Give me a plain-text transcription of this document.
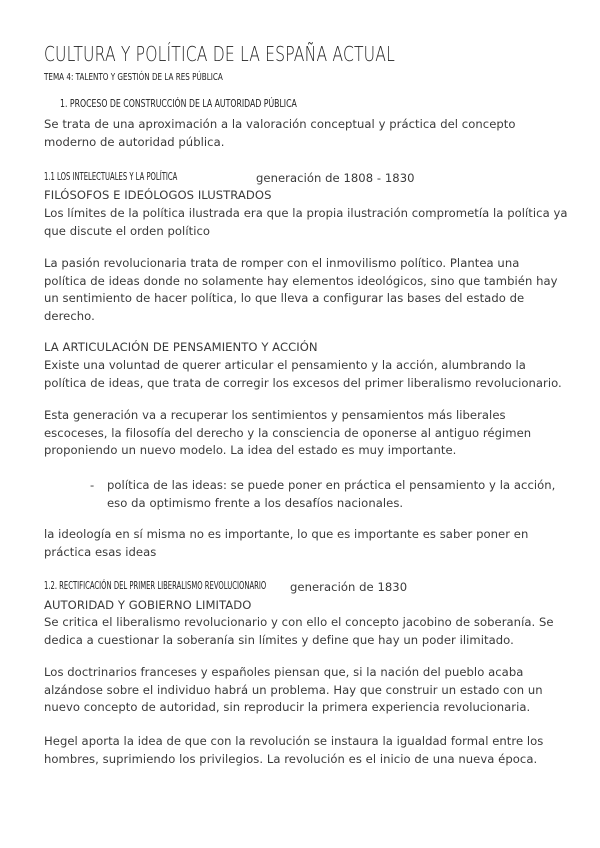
CULTURA Y POLÍTICA DE LA ESPAÑA ACTUAL
TEMA 4: TALENTO Y GESTIÓN DE LA RES PÚBLICA
1. PROCESO DE CONSTRUCCIÓN DE LA AUTORIDAD PÚBLICA
Se trata de una aproximación a la valoración conceptual y práctica del concepto
moderno de autoridad pública.
1.1 LOS INTELECTUALES Y LA POLÍTICA	generación de 1808 - 1830
FILÓSOFOS E IDEÓLOGOS ILUSTRADOS
Los límites de la política ilustrada era que la propia ilustración comprometía la política ya
que discute el orden político
La pasión revolucionaria trata de romper con el inmovilismo político. Plantea una
política de ideas donde no solamente hay elementos ideológicos, sino que también hay
un sentimiento de hacer política, lo que lleva a configurar las bases del estado de
derecho.
LA ARTICULACIÓN DE PENSAMIENTO Y ACCIÓN
Existe una voluntad de querer articular el pensamiento y la acción, alumbrando la
política de ideas, que trata de corregir los excesos del primer liberalismo revolucionario.
Esta generación va a recuperar los sentimientos y pensamientos más liberales
escoceses, la filosofía del derecho y la consciencia de oponerse al antiguo régimen
proponiendo un nuevo modelo. La idea del estado es muy importante.
- política de las ideas: se puede poner en práctica el pensamiento y la acción,
eso da optimismo frente a los desafíos nacionales.
la ideología en sí misma no es importante, lo que es importante es saber poner en
práctica esas ideas
1.2. RECTIFICACIÓN DEL PRIMER LIBERALISMO REVOLUCIONARIO generación de 1830
AUTORIDAD Y GOBIERNO LIMITADO
Se critica el liberalismo revolucionario y con ello el concepto jacobino de soberanía. Se
dedica a cuestionar la soberanía sin límites y define que hay un poder ilimitado.
Los doctrinarios franceses y españoles piensan que, si la nación del pueblo acaba
alzándose sobre el individuo habrá un problema. Hay que construir un estado con un
nuevo concepto de autoridad, sin reproducir la primera experiencia revolucionaria.
Hegel aporta la idea de que con la revolución se instaura la igualdad formal entre los
hombres, suprimiendo los privilegios. La revolución es el inicio de una nueva época.
